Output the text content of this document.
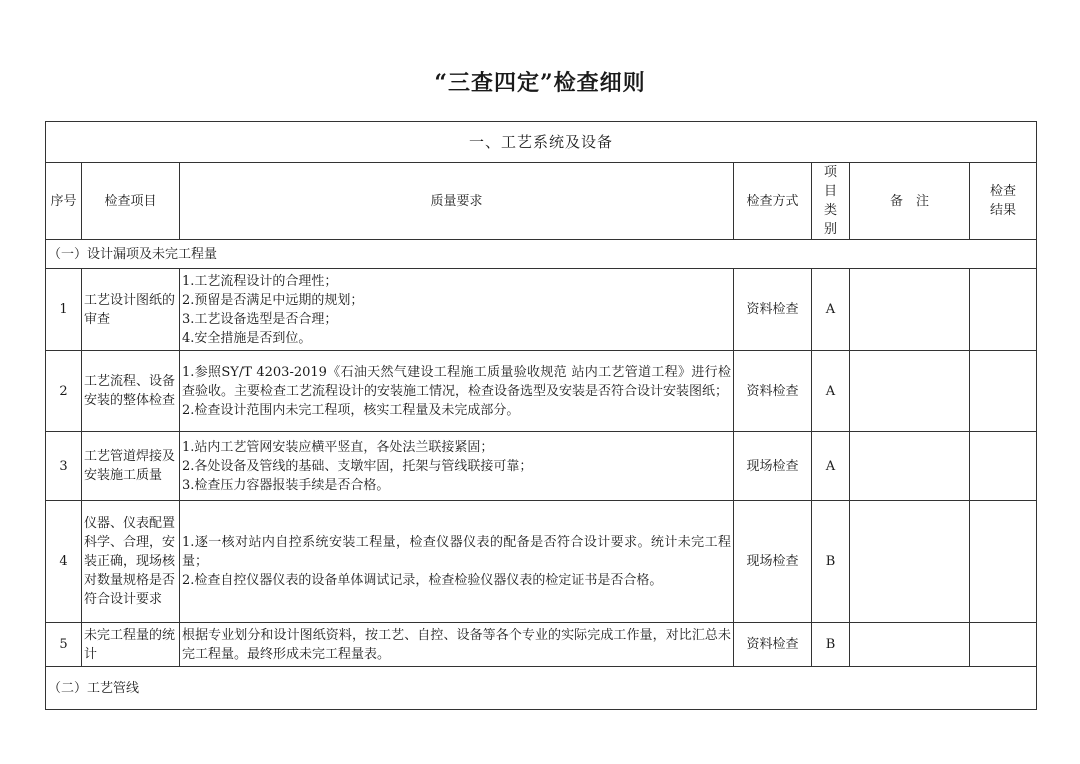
“三查四定”检查细则
一、工艺系统及设备						
序号	检查项目	质量要求	检查方式	项目类别	备　注	检查结果
（一）设计漏项及未完工程量						
1	工艺设计图纸的审查	1.工艺流程设计的合理性；
2.预留是否满足中远期的规划；
3.工艺设备选型是否合理；
4.安全措施是否到位。	资料检查	A		
2	工艺流程、设备安装的整体检查	1.参照SY/T 4203-2019《石油天然气建设工程施工质量验收规范 站内工艺管道工程》进行检查验收。主要检查工艺流程设计的安装施工情况，检查设备选型及安装是否符合设计安装图纸；
2.检查设计范围内未完工程项，核实工程量及未完成部分。	资料检查	A		
3	工艺管道焊接及安装施工质量	1.站内工艺管网安装应横平竖直，各处法兰联接紧固；
2.各处设备及管线的基础、支墩牢固，托架与管线联接可靠；
3.检查压力容器报装手续是否合格。	现场检查	A		
4	仪器、仪表配置科学、合理，安装正确，现场核对数量规格是否符合设计要求	1.逐一核对站内自控系统安装工程量，检查仪器仪表的配备是否符合设计要求。统计未完工程量；
2.检查自控仪器仪表的设备单体调试记录，检查检验仪器仪表的检定证书是否合格。	现场检查	B		
5	未完工程量的统计	根据专业划分和设计图纸资料，按工艺、自控、设备等各个专业的实际完成工作量，对比汇总未完工程量。最终形成未完工程量表。	资料检查	B		
（二）工艺管线						
